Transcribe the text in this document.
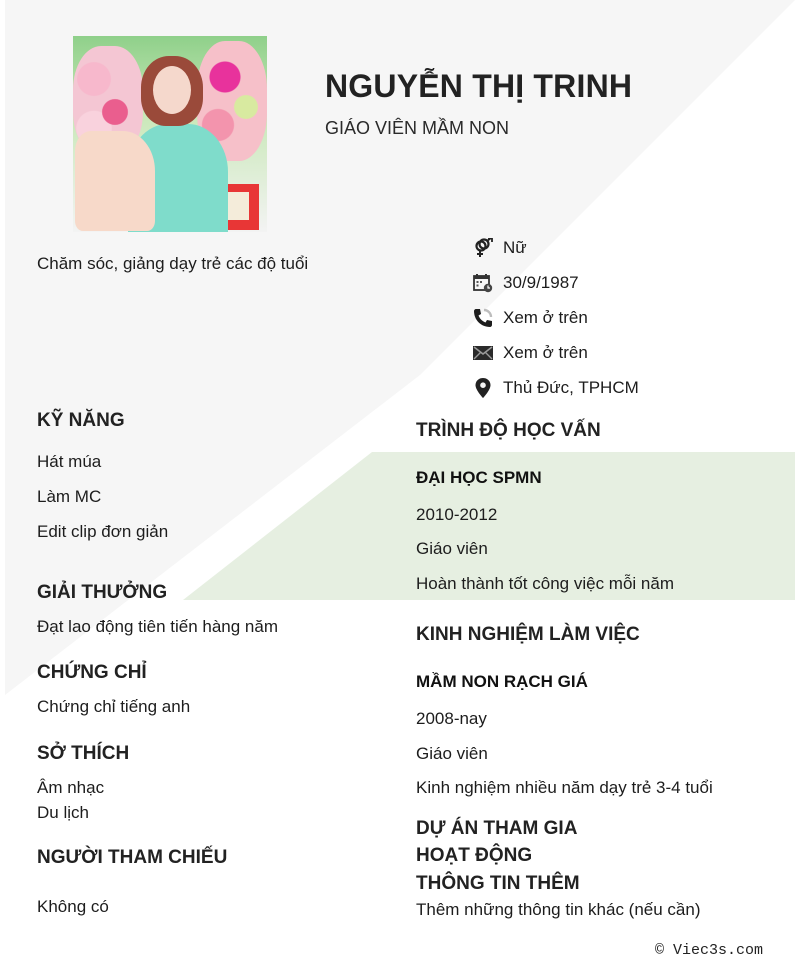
NGUYỄN THỊ TRINH
GIÁO VIÊN MẦM NON
Chăm sóc, giảng dạy trẻ các độ tuổi
Nữ
30/9/1987
Xem ở trên
Xem ở trên
Thủ Đức, TPHCM
KỸ NĂNG
Hát múa
Làm MC
Edit clip đơn giản
GIẢI THƯỞNG
Đạt lao động tiên tiến hàng năm
CHỨNG CHỈ
Chứng chỉ tiếng anh
SỞ THÍCH
Âm nhạc
Du lịch
NGƯỜI THAM CHIẾU
Không có
TRÌNH ĐỘ HỌC VẤN
ĐẠI HỌC SPMN
2010-2012
Giáo viên
Hoàn thành tốt công việc mỗi năm
KINH NGHIỆM LÀM VIỆC
MẦM NON RẠCH GIÁ
2008-nay
Giáo viên
Kinh nghiệm nhiều năm dạy trẻ 3-4 tuổi
DỰ ÁN THAM GIA
HOẠT ĐỘNG
THÔNG TIN THÊM
Thêm những thông tin khác (nếu cần)
© Viec3s.com
